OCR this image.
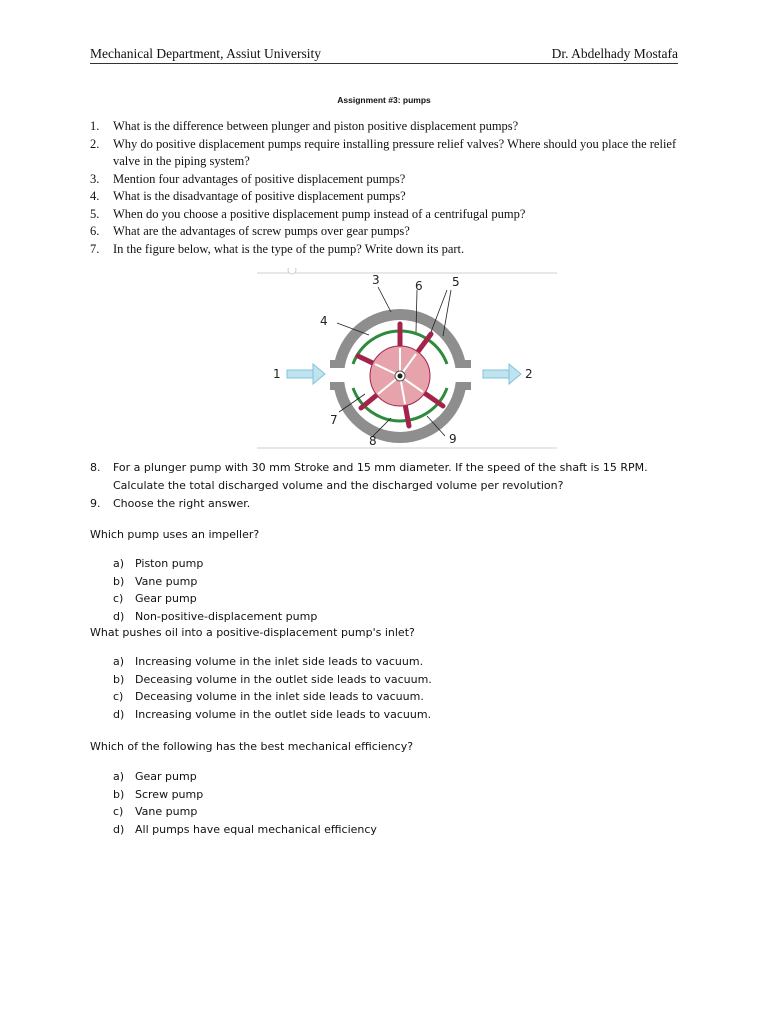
Mechanical Department, Assiut University	Dr. Abdelhady Mostafa
Assignment #3: pumps
1.	What is the difference between plunger and piston positive displacement pumps?
2.	Why do positive displacement pumps require installing pressure relief valves? Where should you place the relief valve in the piping system?
3.	Mention four advantages of positive displacement pumps?
4.	What is the disadvantage of positive displacement pumps?
5.	When do you choose a positive displacement pump instead of a centrifugal pump?
6.	What are the advantages of screw pumps over gear pumps?
7.	In the figure below, what is the type of the pump? Write down its part.
1	2
3
4
5
6
7
8	9
8.	For a plunger pump with 30 mm Stroke and 15 mm diameter. If the speed of the shaft is 15 RPM. Calculate the total discharged volume and the discharged volume per revolution?
9.	Choose the right answer.
Which pump uses an impeller?
a) Piston pump
b) Vane pump
c)	Gear pump
d) Non-positive-displacement pump
What pushes oil into a positive-displacement pump's inlet?
a) Increasing volume in the inlet side leads to vacuum.
b) Deceasing volume in the outlet side leads to vacuum.
c)	Deceasing volume in the inlet side leads to vacuum.
d) Increasing volume in the outlet side leads to vacuum.
Which of the following has the best mechanical efficiency?
a) Gear pump
b) Screw pump
c)	Vane pump
d) All pumps have equal mechanical efficiency
